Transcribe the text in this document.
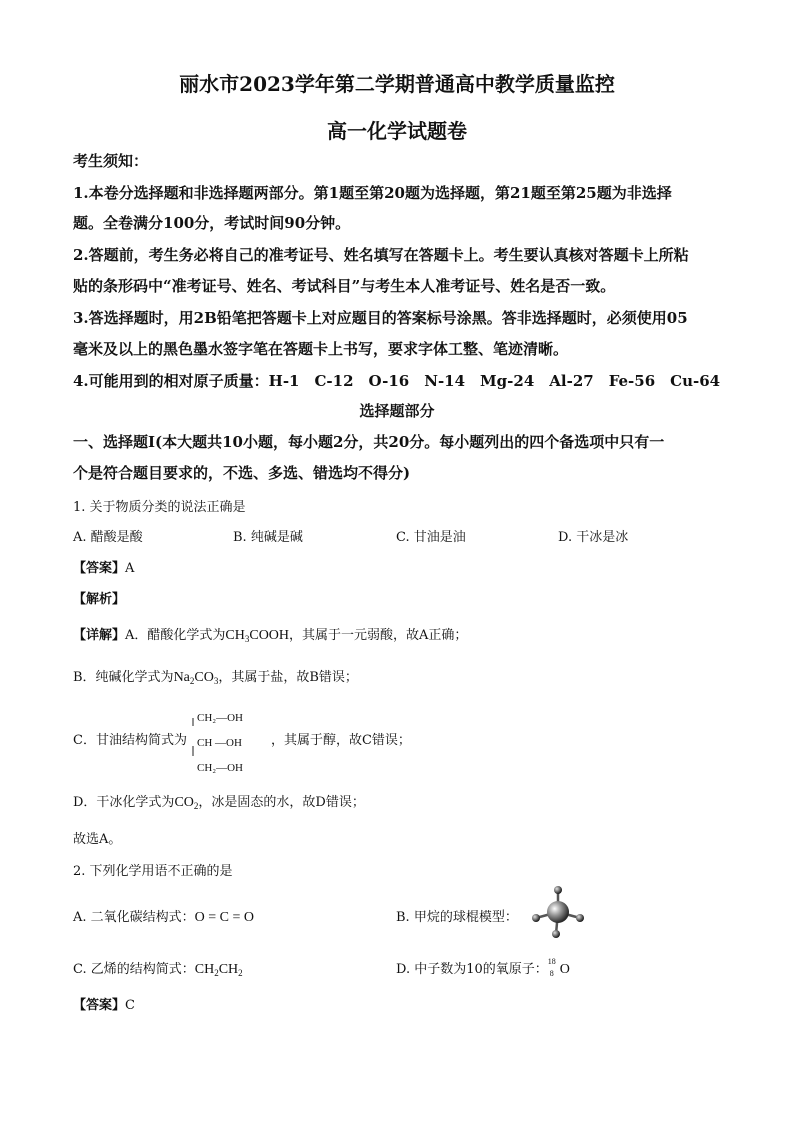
丽水市2023学年第二学期普通高中教学质量监控
高一化学试题卷
考生须知：
1.本卷分选择题和非选择题两部分。第1题至第20题为选择题，第21题至第25题为非选择
题。全卷满分100分，考试时间90分钟。
2.答题前，考生务必将自己的准考证号、姓名填写在答题卡上。考生要认真核对答题卡上所粘
贴的条形码中“准考证号、姓名、考试科目”与考生本人准考证号、姓名是否一致。
3.答选择题时，用2B铅笔把答题卡上对应题目的答案标号涂黑。答非选择题时，必须使用05
毫米及以上的黑色墨水签字笔在答题卡上书写，要求字体工整、笔迹清晰。
4.可能用到的相对原子质量：H-1　C-12　O-16　N-14　Mg-24　Al-27　Fe-56　Cu-64
选择题部分
一、选择题Ⅰ(本大题共10小题，每小题2分，共20分。每小题列出的四个备选项中只有一
个是符合题目要求的，不选、多选、错选均不得分)
1. 关于物质分类的说法正确是
A. 醋酸是酸	B. 纯碱是碱	C. 甘油是油	D. 干冰是冰
【答案】A
【解析】
【详解】A．醋酸化学式为$CH_3COOH$，其属于一元弱酸，故A正确；
B．纯碱化学式为$Na_2CO_3$，其属于盐，故B错误；
CH₂—OH
CH —OH
CH₂—OH
C．甘油结构简式为	，其属于醇，故C错误；
D．干冰化学式为$CO_2$，冰是固态的水，故D错误；
故选A。
2. 下列化学用语不正确的是
A. 二氧化碳结构式：O = C = O	B. 甲烷的球棍模型：
C. 乙烯的结构简式：$CH_2CH_2$	D. 中子数为10的氧原子：
18
8 O
【答案】C
